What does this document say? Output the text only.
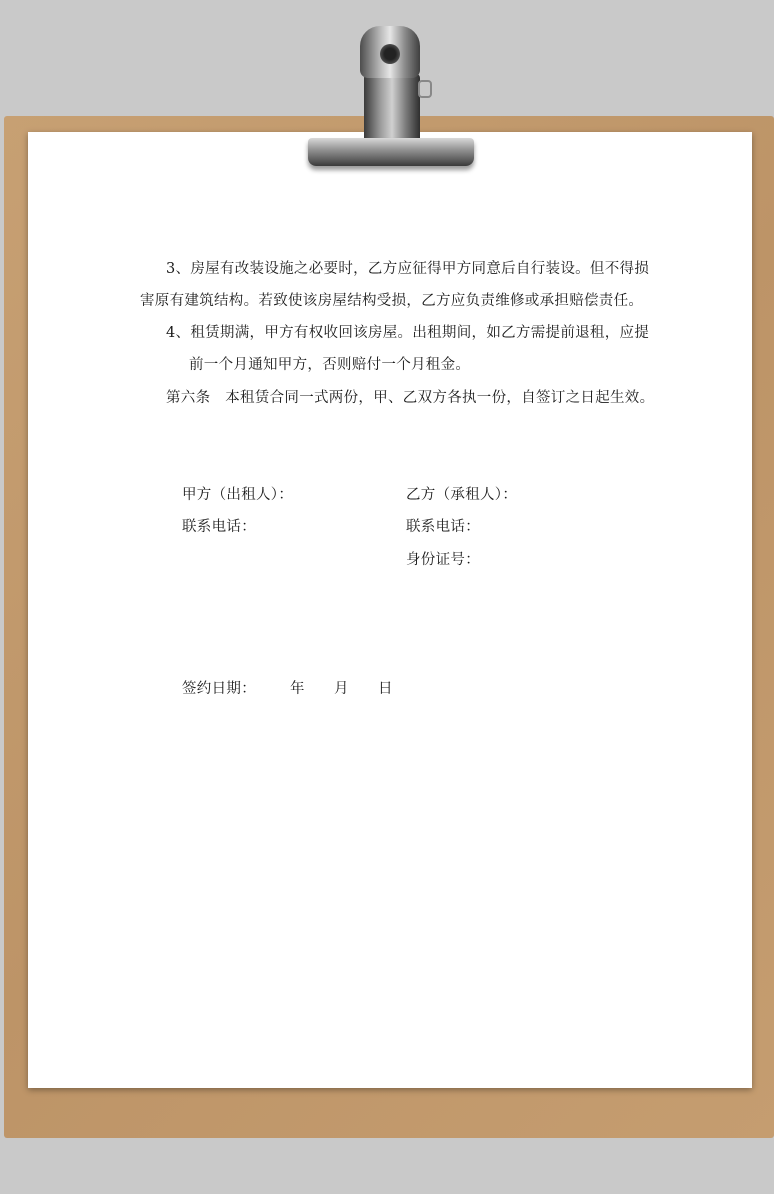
3、房屋有改装设施之必要时，乙方应征得甲方同意后自行装设。但不得损
害原有建筑结构。若致使该房屋结构受损，乙方应负责维修或承担赔偿责任。
4、租赁期满，甲方有权收回该房屋。出租期间，如乙方需提前退租，应提
前一个月通知甲方，否则赔付一个月租金。
第六条　本租赁合同一式两份，甲、乙双方各执一份，自签订之日起生效。
甲方（出租人）：
联系电话：
乙方（承租人）：
联系电话：
身份证号：
签约日期： 年 月 日
